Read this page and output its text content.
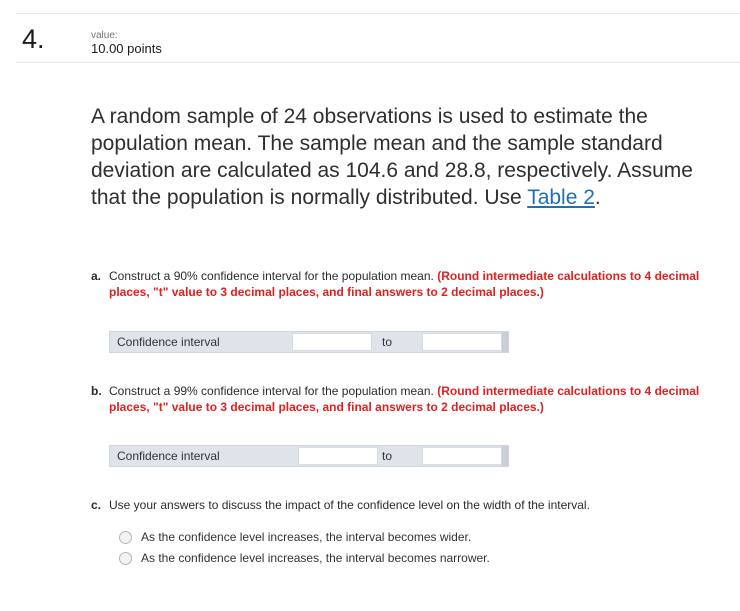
4.	value:
10.00 points
A random sample of 24 observations is used to estimate the population mean. The sample mean and the sample standard deviation are calculated as 104.6 and 28.8, respectively. Assume that the population is normally distributed. Use Table 2.
a. Construct a 90% confidence interval for the population mean. (Round intermediate calculations to 4 decimal places, "t" value to 3 decimal places, and final answers to 2 decimal places.)
Confidence interval	to
b. Construct a 99% confidence interval for the population mean. (Round intermediate calculations to 4 decimal places, "t" value to 3 decimal places, and final answers to 2 decimal places.)
Confidence interval	to
c. Use your answers to discuss the impact of the confidence level on the width of the interval.
As the confidence level increases, the interval becomes wider.
As the confidence level increases, the interval becomes narrower.
